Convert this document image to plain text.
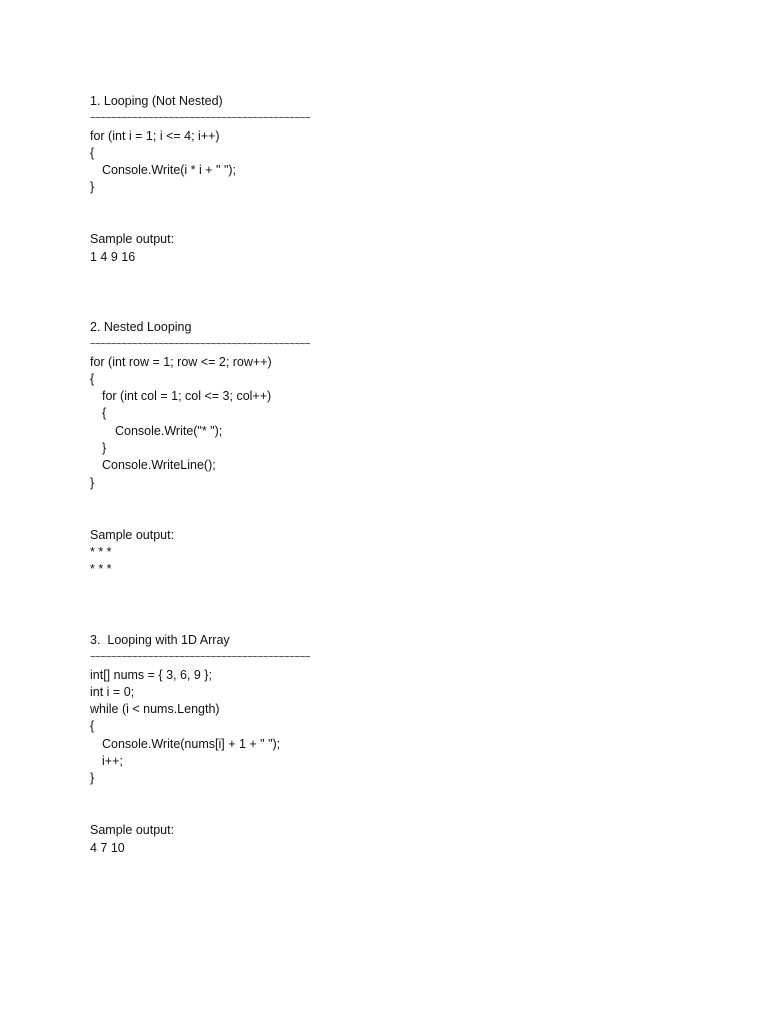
1. Looping (Not Nested)
~~~~~~~~~~~~~~~~~~~~~~~~~~~~~~~~~~~~~~~~~~
for (int i = 1; i <= 4; i++)
{
Console.Write(i * i + " ");
}
Sample output:
1 4 9 16
2. Nested Looping
~~~~~~~~~~~~~~~~~~~~~~~~~~~~~~~~~~~~~~~~~~
for (int row = 1; row <= 2; row++)
{
for (int col = 1; col <= 3; col++)
{
Console.Write("* ");
}
Console.WriteLine();
}
Sample output:
* * *
* * *
3.  Looping with 1D Array
~~~~~~~~~~~~~~~~~~~~~~~~~~~~~~~~~~~~~~~~~~
int[] nums = { 3, 6, 9 };
int i = 0;
while (i < nums.Length)
{
Console.Write(nums[i] + 1 + " ");
i++;
}
Sample output:
4 7 10
